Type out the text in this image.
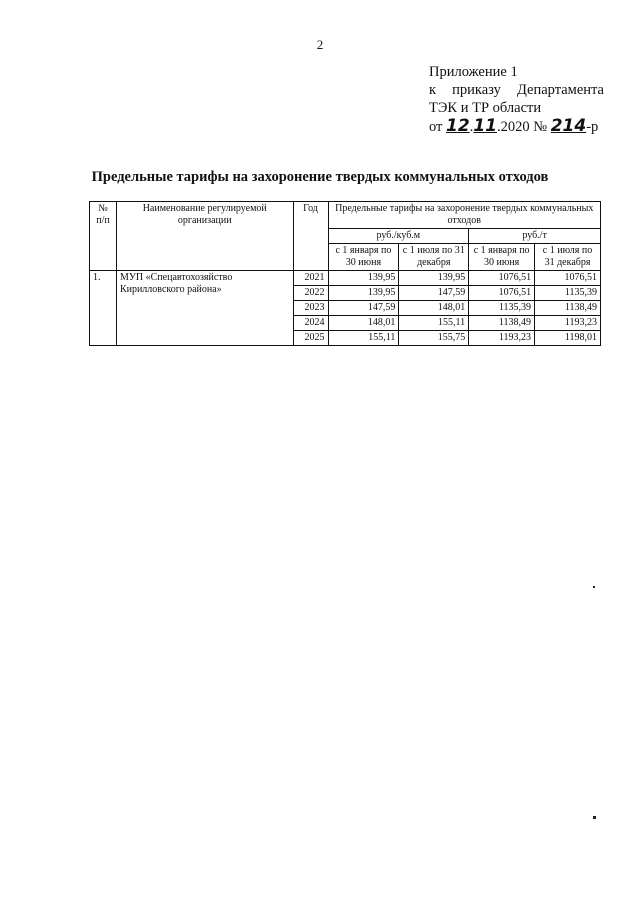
2
Приложение 1
к приказу Департамента
ТЭК и ТР области
от 12.11.2020 № 214-р
Предельные тарифы на захоронение твердых коммунальных отходов
№ п/п	Наименование регулируемой организации	Год	Предельные тарифы на захоронение твердых коммунальных отходов			
			руб./куб.м		руб./т	
			с 1 января по 30 июня	с 1 июля по 31 декабря	с 1 января по 30 июня	с 1 июля по 31 декабря
1.	МУП «Спецавтохозяйство Кирилловского района»	2021	139,95	139,95	1076,51	1076,51
		2022	139,95	147,59	1076,51	1135,39
		2023	147,59	148,01	1135,39	1138,49
		2024	148,01	155,11	1138,49	1193,23
		2025	155,11	155,75	1193,23	1198,01
